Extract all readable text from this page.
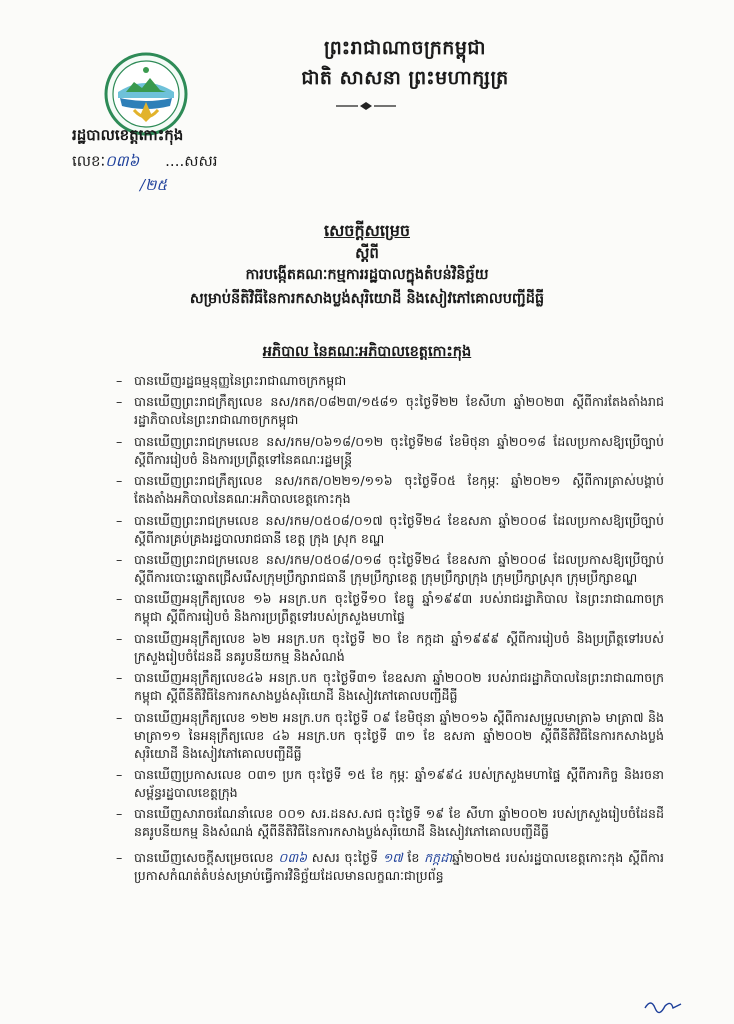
ព្រះរាជាណាចក្រកម្ពុជា
ជាតិ សាសនា ព្រះមហាក្សត្រ
រដ្ឋបាលខេត្តកោះកុង
លេខៈ០៣៦ ....សសរ
/២៥
សេចក្តីសម្រេច
ស្តីពី
ការបង្កើតគណៈកម្មការរដ្ឋបាលក្នុងតំបន់វិនិច្ឆ័យ
សម្រាប់នីតិវិធីនៃការកសាងប្លង់សុរិយោដី និងសៀវភៅគោលបញ្ជីដីធ្លី
អភិបាល នៃគណៈអភិបាលខេត្តកោះកុង
– បានឃើញរដ្ឋធម្មនុញ្ញនៃព្រះរាជាណាចក្រកម្ពុជា
– បានឃើញព្រះរាជក្រឹត្យលេខ នស/រកត/០៨២៣/១៥៨១ ចុះថ្ងៃទី២២ ខែសីហា ឆ្នាំ២០២៣ ស្តីពីការតែងតាំងរាជរដ្ឋាភិបាលនៃព្រះរាជាណាចក្រកម្ពុជា
– បានឃើញព្រះរាជក្រមលេខ នស/រកម/០៦១៨/០១២ ចុះថ្ងៃទី២៨ ខែមិថុនា ឆ្នាំ២០១៨ ដែលប្រកាសឱ្យប្រើច្បាប់ស្តីពីការរៀបចំ និងការប្រព្រឹត្តទៅនៃគណៈរដ្ឋមន្ត្រី
– បានឃើញព្រះរាជក្រឹត្យលេខ នស/រកត/០២២១/១១៦ ចុះថ្ងៃទី០៥ ខែកុម្ភៈ ឆ្នាំ២០២១ ស្តីពីការត្រាស់បង្គាប់តែងតាំងអភិបាលនៃគណៈអភិបាលខេត្តកោះកុង
– បានឃើញព្រះរាជក្រមលេខ នស/រកម/០៥០៨/០១៧ ចុះថ្ងៃទី២៤ ខែឧសភា ឆ្នាំ២០០៨ ដែលប្រកាសឱ្យប្រើច្បាប់ស្តីពីការគ្រប់គ្រងរដ្ឋបាលរាជធានី ខេត្ត ក្រុង ស្រុក ខណ្ឌ
– បានឃើញព្រះរាជក្រមលេខ នស/រកម/០៥០៨/០១៨ ចុះថ្ងៃទី២៤ ខែឧសភា ឆ្នាំ២០០៨ ដែលប្រកាសឱ្យប្រើច្បាប់ស្តីពីការបោះឆ្នោតជ្រើសរើសក្រុមប្រឹក្សារាជធានី ក្រុមប្រឹក្សាខេត្ត ក្រុមប្រឹក្សាក្រុង ក្រុមប្រឹក្សាស្រុក ក្រុមប្រឹក្សាខណ្ឌ
– បានឃើញអនុក្រឹត្យលេខ ១៦ អនក្រ.បក ចុះថ្ងៃទី១០ ខែធ្នូ ឆ្នាំ១៩៩៣ របស់រាជរដ្ឋាភិបាល នៃព្រះរាជាណាចក្រកម្ពុជា ស្តីពីការរៀបចំ និងការប្រព្រឹត្តទៅរបស់ក្រសួងមហាផ្ទៃ
– បានឃើញអនុក្រឹត្យលេខ ៦២ អនក្រ.បក ចុះថ្ងៃទី ២០ ខែ កក្កដា ឆ្នាំ១៩៩៩ ស្តីពីការរៀបចំ និងប្រព្រឹត្តទៅរបស់ក្រសួងរៀបចំដែនដី នគរូបនីយកម្ម និងសំណង់
– បានឃើញអនុក្រឹត្យលេខ៤៦ អនក្រ.បក ចុះថ្ងៃទី៣១ ខែឧសភា ឆ្នាំ២០០២ របស់រាជរដ្ឋាភិបាលនៃព្រះរាជាណាចក្រកម្ពុជា ស្តីពីនីតិវិធីនៃការកសាងប្លង់សុរិយោដី និងសៀវភៅគោលបញ្ជីដីធ្លី
– បានឃើញអនុក្រឹត្យលេខ ១២២ អនក្រ.បក ចុះថ្ងៃទី ០៩ ខែមិថុនា ឆ្នាំ២០១៦ ស្តីពីការសម្រួលមាត្រា៦ មាត្រា៧ និងមាត្រា១១ នៃអនុក្រឹត្យលេខ ៤៦ អនក្រ.បក ចុះថ្ងៃទី ៣១ ខែ ឧសភា ឆ្នាំ២០០២ ស្តីពីនីតិវិធីនៃការកសាងប្លង់សុរិយោដី និងសៀវភៅគោលបញ្ជីដីធ្លី
– បានឃើញប្រកាសលេខ ០៣១ ប្រក ចុះថ្ងៃទី ១៥ ខែ កុម្ភៈ ឆ្នាំ១៩៩៤ របស់ក្រសួងមហាផ្ទៃ ស្តីពីភារកិច្ច និងរចនាសម្ព័ន្ធរដ្ឋបាលខេត្តក្រុង
– បានឃើញសារាចរណែនាំលេខ ០០១ សរ.ដនស.សជ ចុះថ្ងៃទី ១៩ ខែ សីហា ឆ្នាំ២០០២ របស់ក្រសួងរៀបចំដែនដី នគរូបនីយកម្ម និងសំណង់ ស្តីពីនីតិវិធីនៃការកសាងប្លង់សុរិយោដី និងសៀវភៅគោលបញ្ជីដីធ្លី
– បានឃើញសេចក្តីសម្រេចលេខ ០៣៦ សសរ ចុះថ្ងៃទី ១៧ ខែ កក្កដាឆ្នាំ២០២៥ របស់រដ្ឋបាលខេត្តកោះកុង ស្តីពីការប្រកាសកំណត់តំបន់សម្រាប់ធ្វើការវិនិច្ឆ័យដែលមានលក្ខណៈជាប្រព័ន្ធ
